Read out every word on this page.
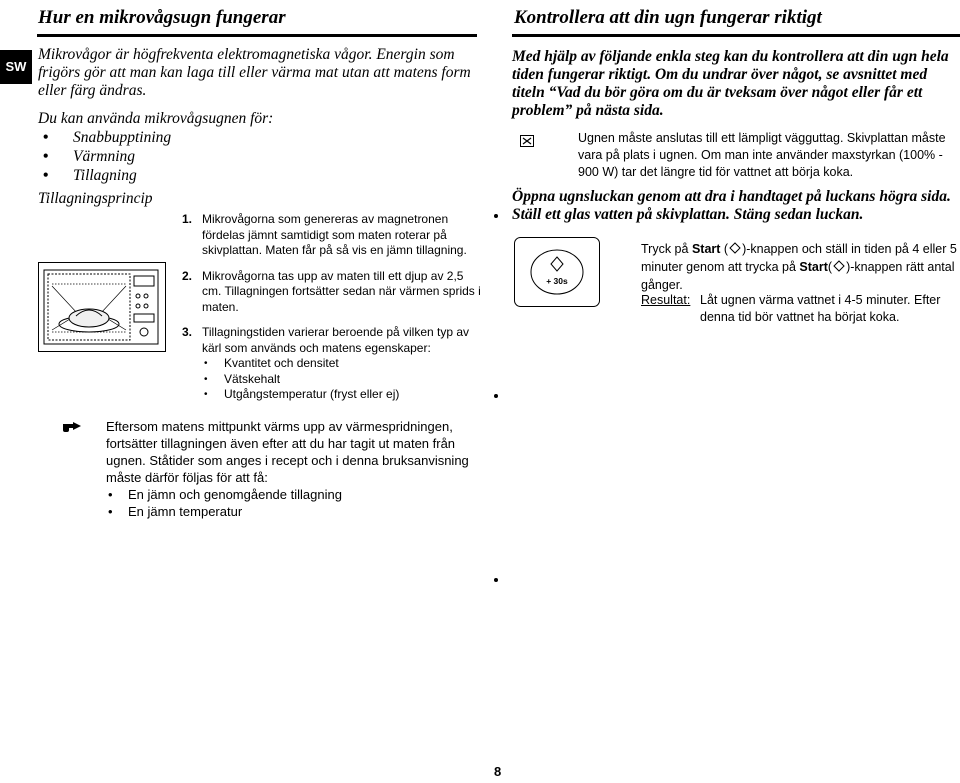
Hur en mikrovågsugn fungerar	Kontrollera att din ugn fungerar riktigt
SW
Mikrovågor är högfrekventa elektromagnetiska vågor. Energin som frigörs gör att man kan laga till eller värma mat utan att matens form eller färg ändras.
Du kan använda mikrovågsugnen för:
• Snabbupptining
• Värmning
• Tillagning
Tillagningsprincip
1. Mikrovågorna som genereras av magnetronen fördelas jämnt samtidigt som maten roterar på skivplattan. Maten får på så vis en jämn tillagning.
2. Mikrovågorna tas upp av maten till ett djup av 2,5 cm. Tillagningen fortsätter sedan när värmen sprids i maten.
3. Tillagningstiden varierar beroende på vilken typ av kärl som används och matens egenskaper:
• Kvantitet och densitet
• Vätskehalt
• Utgångstemperatur (fryst eller ej)
Eftersom matens mittpunkt värms upp av värmespridningen, fortsätter tillagningen även efter att du har tagit ut maten från ugnen. Ståtider som anges i recept och i denna bruksanvisning måste därför följas för att få:
• En jämn och genomgående tillagning
• En jämn temperatur
Med hjälp av följande enkla steg kan du kontrollera att din ugn hela tiden fungerar riktigt. Om du undrar över något, se avsnittet med titeln “Vad du bör göra om du är tveksam över något eller får ett problem” på nästa sida.
Ugnen måste anslutas till ett lämpligt vägguttag. Skivplattan måste vara på plats i ugnen. Om man inte använder maxstyrkan (100% - 900 W) tar det längre tid för vattnet att börja koka.
Öppna ugnsluckan genom att dra i handtaget på luckans högra sida. Ställ ett glas vatten på skivplattan. Stäng sedan luckan.
+ 30s
Tryck på Start ( )-knappen och ställ in tiden på 4 eller 5 minuter genom att trycka på Start( )-knappen rätt antal gånger.
Resultat: Låt ugnen värma vattnet i 4-5 minuter. Efter denna tid bör vattnet ha börjat koka.
8
